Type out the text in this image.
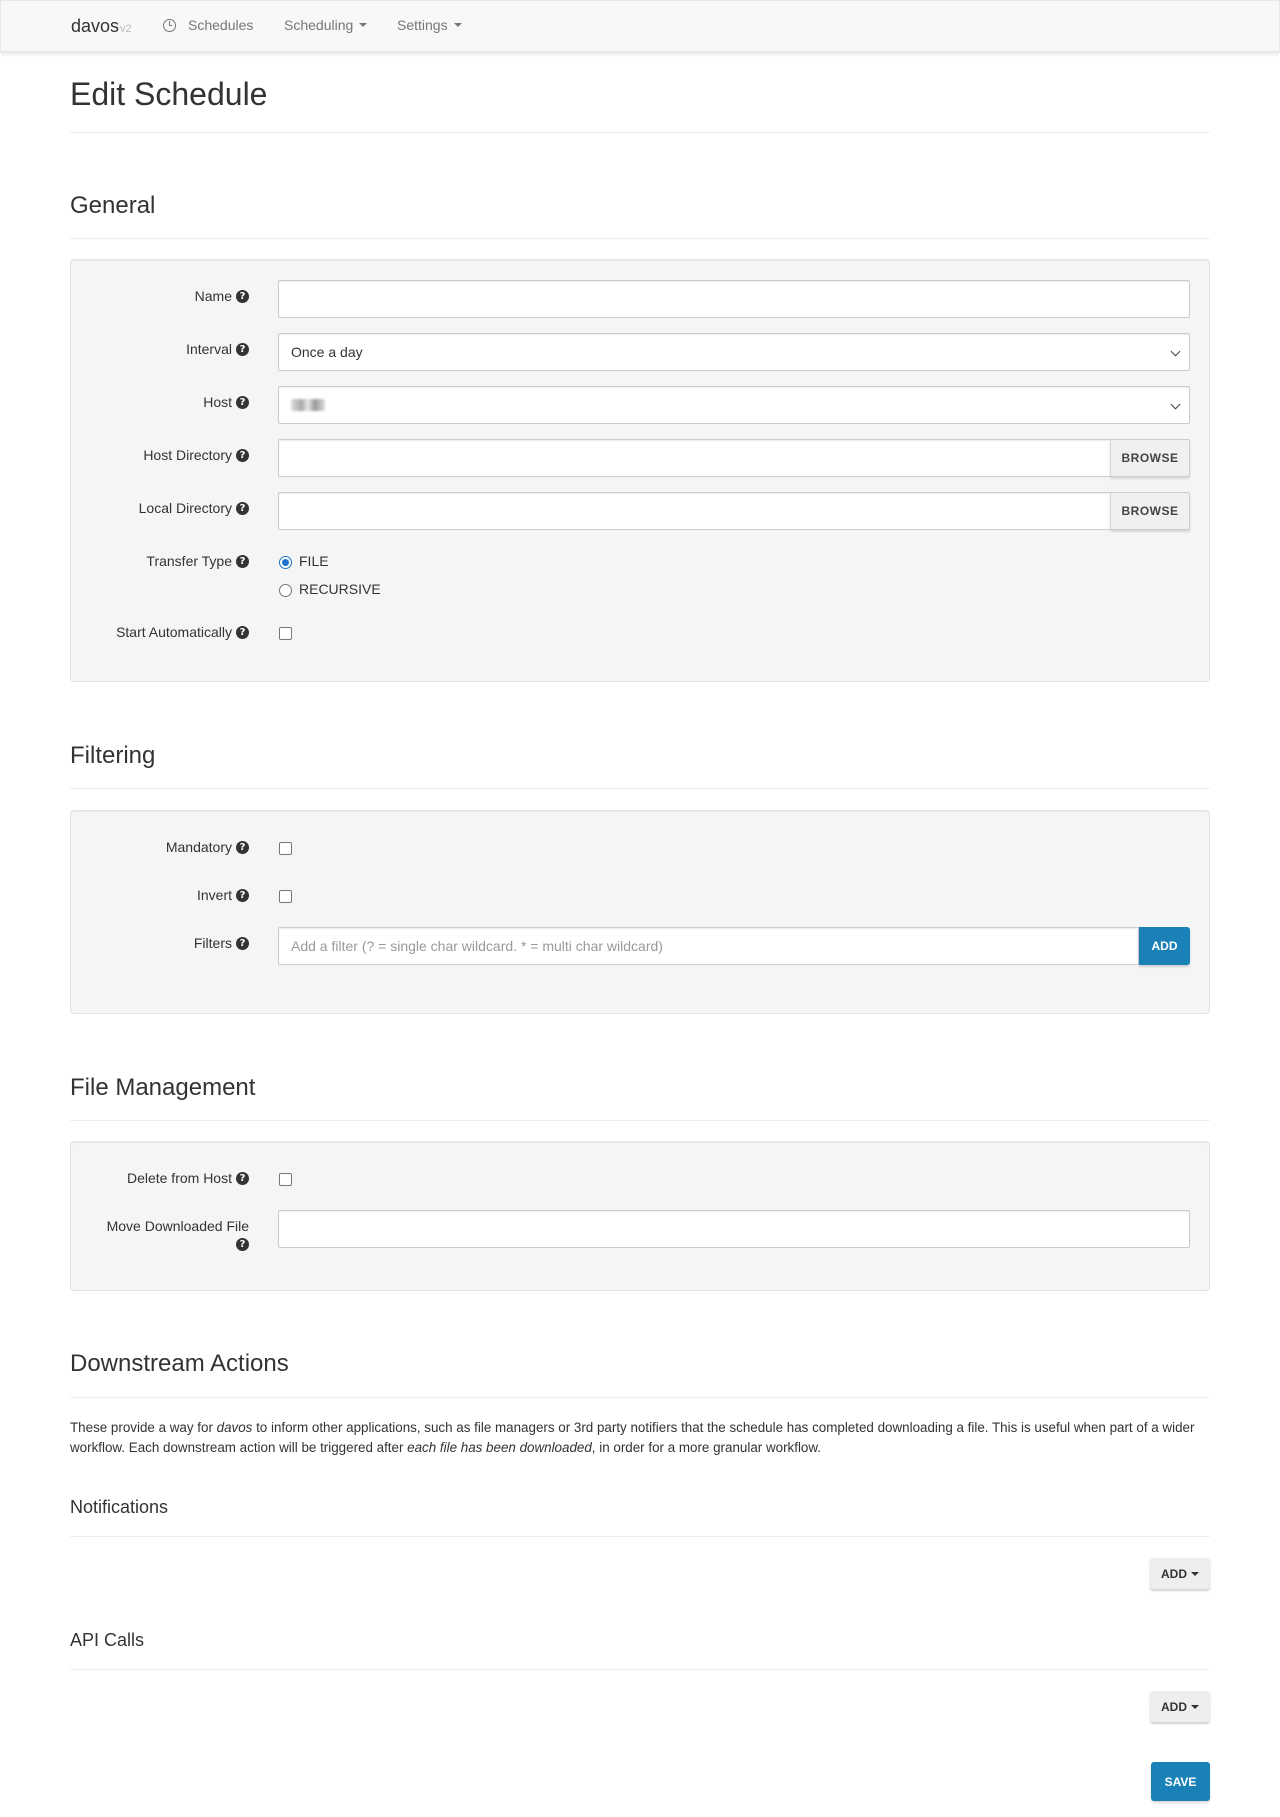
davosv2	Schedules Scheduling	Settings
Edit Schedule
General
Name ?
Interval ?	Once a day
Host ?
Host Directory ?	BROWSE
Local Directory ?	BROWSE
Transfer Type ?	FILE
RECURSIVE
Start Automatically ?
Filtering
Mandatory ?
Invert ?
Filters ?	Add a filter (? = single char wildcard. * = multi char wildcard)	ADD
File Management
Delete from Host ?
Move Downloaded File
?
Downstream Actions

These provide a way for davos to inform other applications, such as file managers or 3rd party notifiers that the schedule has completed downloading a file. This is useful when part of a wider workflow. Each downstream action will be triggered after each file has been downloaded, in order for a more granular workflow.

Notifications
ADD
API Calls
ADD
SAVE
